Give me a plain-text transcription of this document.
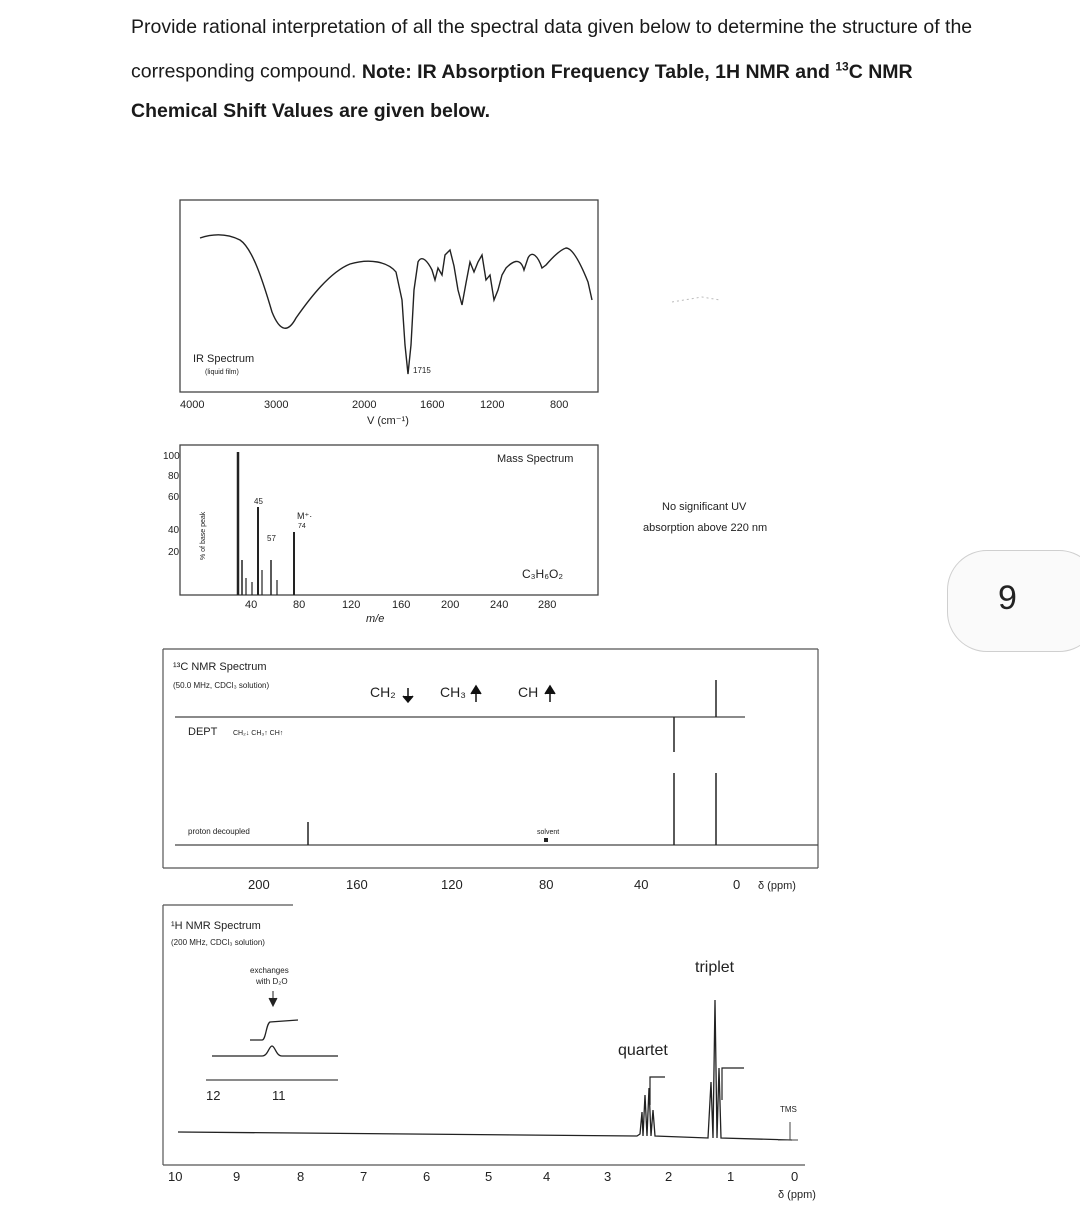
Provide rational interpretation of all the spectral data given below to determine the structure of the corresponding compound. Note: IR Absorption Frequency Table, 1H NMR and $^{13}$C NMR Chemical Shift Values are given below.

9
IR Spectrum
(liquid film)	1715
4000	3000	2000	1600	1200	800
V (cm⁻¹)
Mass Spectrum
100
80
60
40
20	% of base peak
45
57
M⁺·
74
C₃H₆O₂
40	80	120	160	200	240	280
m/e
No significant UV
absorption above 220 nm
¹³C NMR Spectrum
(50.0 MHz, CDCl₃ solution)	CH₂	CH₃	CH
DEPT CH₂↓ CH₃↑ CH↑
proton decoupled	solvent
200	160	120	80	40	0 δ (ppm)
¹H NMR Spectrum
(200 MHz, CDCl₃ solution)
exchanges
with D₂O
12	11
triplet
quartet
TMS
10	9	8	7	6	5	4	3	2	1	0
δ (ppm)
